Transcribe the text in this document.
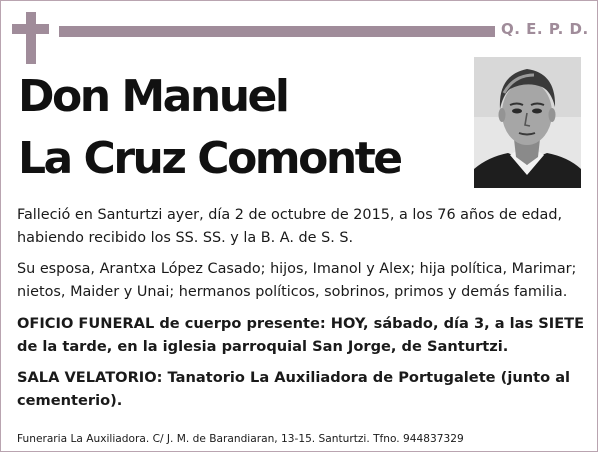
Q. E. P. D.
Don Manuel
La Cruz Comonte

Falleció en Santurtzi ayer, día 2 de octubre de 2015, a los 76 años de edad, habiendo recibido los SS. SS. y la B. A. de S. S.

Su esposa, Arantxa López Casado; hijos, Imanol y Alex; hija política, Marimar; nietos, Maider y Unai; hermanos políticos, sobrinos, primos y demás familia.

OFICIO FUNERAL de cuerpo presente: HOY, sábado, día 3, a las SIETE de la tarde, en la iglesia parroquial San Jorge, de Santurtzi.

SALA VELATORIO: Tanatorio La Auxiliadora de Portugalete (junto al cementerio).

Funeraria La Auxiliadora. C/ J. M. de Barandiaran, 13-15. Santurtzi. Tfno. 944837329
